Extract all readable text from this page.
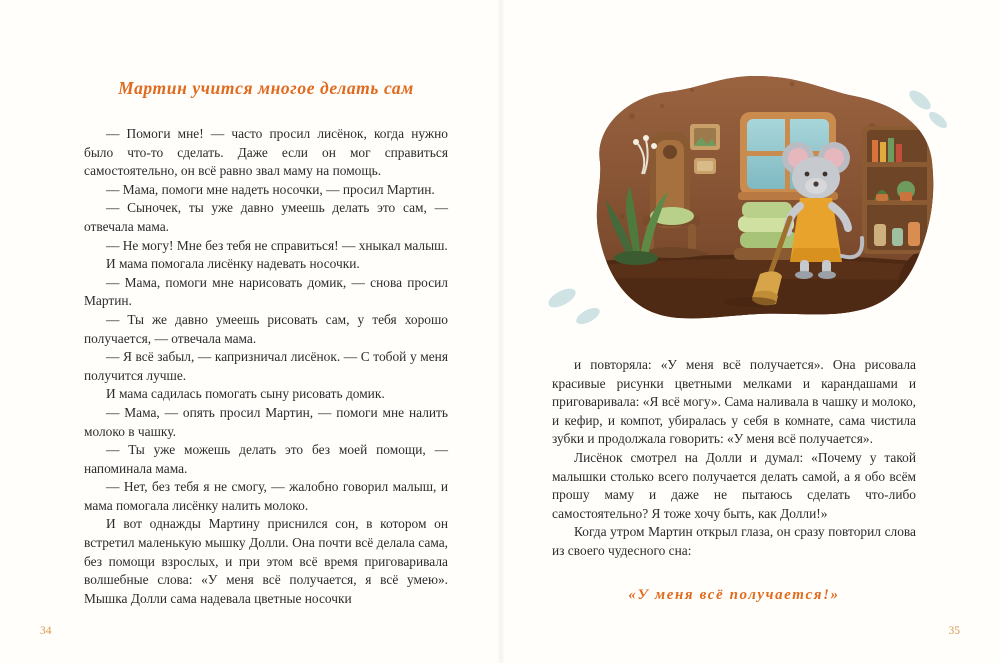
Мартин учится многое делать сам

— Помоги мне! — часто просил лисёнок, когда нужно было что-то сделать. Даже если он мог справиться самостоятельно, он всё равно звал маму на помощь.

— Мама, помоги мне надеть носочки, — просил Мартин.

— Сыночек, ты уже давно умеешь делать это сам, — отвечала мама.

— Не могу! Мне без тебя не справиться! — хныкал малыш.

И мама помогала лисёнку надевать носочки.

— Мама, помоги мне нарисовать домик, — снова просил Мартин.

— Ты же давно умеешь рисовать сам, у тебя хорошо получается, — отвечала мама.

— Я всё забыл, — капризничал лисёнок. — С тобой у меня получится лучше.

И мама садилась помогать сыну рисовать домик.

— Мама, — опять просил Мартин, — помоги мне налить молоко в чашку.

— Ты уже можешь делать это без моей помощи, — напоминала мама.

— Нет, без тебя я не смогу, — жалобно говорил малыш, и мама помогала лисёнку налить молоко.

И вот однажды Мартину приснился сон, в котором он встретил маленькую мышку Долли. Она почти всё делала сама, без помощи взрослых, и при этом всё время приговаривала волшебные слова: «У меня всё получается, я всё умею». Мышка Долли сама надевала цветные носочки

34

и повторяла: «У меня всё получается». Она рисовала красивые рисунки цветными мелками и карандашами и приговаривала: «Я всё могу». Сама наливала в чашку и молоко, и кефир, и компот, убиралась у себя в комнате, сама чистила зубки и продолжала говорить: «У меня всё получается».

Лисёнок смотрел на Долли и думал: «Почему у такой малышки столько всего получается делать самой, а я обо всём прошу маму и даже не пытаюсь сделать что-либо самостоятельно? Я тоже хочу быть, как Долли!»

Когда утром Мартин открыл глаза, он сразу повторил слова из своего чудесного сна:

«У меня всё получается!»

35
